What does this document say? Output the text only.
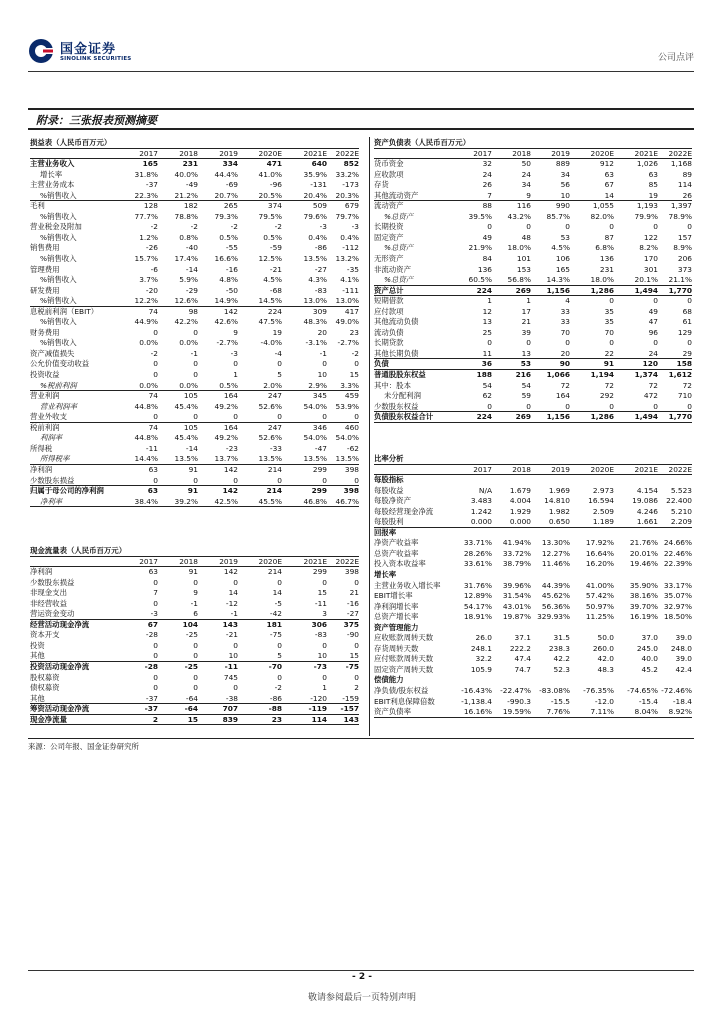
国金证券
SINOLINK SECURITIES	公司点评
附录：三张报表预测摘要
损益表（人民币百万元）
2017	2018	2019	2020E	2021E	2022E
主营业务收入	165	231	334	471	640	852
增长率	31.8%	40.0%	44.4%	41.0%	35.9%	33.2%
主营业务成本	-37	-49	-69	-96	-131	-173
%销售收入	22.3%	21.2%	20.7%	20.5%	20.4%	20.3%
毛利	128	182	265	374	509	679
%销售收入	77.7%	78.8%	79.3%	79.5%	79.6%	79.7%
营业税金及附加	-2	-2	-2	-2	-3	-3
%销售收入	1.2%	0.8%	0.5%	0.5%	0.4%	0.4%
销售费用	-26	-40	-55	-59	-86	-112
%销售收入	15.7%	17.4%	16.6%	12.5%	13.5%	13.2%
管理费用	-6	-14	-16	-21	-27	-35
%销售收入	3.7%	5.9%	4.8%	4.5%	4.3%	4.1%
研发费用	-20	-29	-50	-68	-83	-111
%销售收入	12.2%	12.6%	14.9%	14.5%	13.0%	13.0%
息税前利润（EBIT）	74	98	142	224	309	417
%销售收入	44.9%	42.2%	42.6%	47.5%	48.3%	49.0%
财务费用	0	0	9	19	20	23
%销售收入	0.0%	0.0%	-2.7%	-4.0%	-3.1%	-2.7%
资产减值损失	-2	-1	-3	-4	-1	-2
公允价值变动收益	0	0	0	0	0	0
投资收益	0	0	1	5	10	15
%税前利润	0.0%	0.0%	0.5%	2.0%	2.9%	3.3%
营业利润	74	105	164	247	345	459
营业利润率	44.8%	45.4%	49.2%	52.6%	54.0%	53.9%
营业外收支	0	0	0	0	0	0
税前利润	74	105	164	247	346	460
利润率	44.8%	45.4%	49.2%	52.6%	54.0%	54.0%
所得税	-11	-14	-23	-33	-47	-62
所得税率	14.4%	13.5%	13.7%	13.5%	13.5%	13.5%
净利润	63	91	142	214	299	398
少数股东损益	0	0	0	0	0	0
归属于母公司的净利润	63	91	142	214	299	398
净利率	38.4%	39.2%	42.5%	45.5%	46.8%	46.7%
现金流量表（人民币百万元）
2017	2018	2019	2020E	2021E	2022E
净利润	63	91	142	214	299	398
少数股东损益	0	0	0	0	0	0
非现金支出	7	9	14	14	15	21
非经营收益	0	-1	-12	-5	-11	-16
营运资金变动	-3	6	-1	-42	3	-27
经营活动现金净流	67	104	143	181	306	375
资本开支	-28	-25	-21	-75	-83	-90
投资	0	0	0	0	0	0
其他	0	0	10	5	10	15
投资活动现金净流	-28	-25	-11	-70	-73	-75
股权募资	0	0	745	0	0	0
债权募资	0	0	0	-2	1	2
其他	-37	-64	-38	-86	-120	-159
筹资活动现金净流	-37	-64	707	-88	-119	-157
现金净流量	2	15	839	23	114	143
资产负债表（人民币百万元）
2017	2018	2019	2020E	2021E	2022E
货币资金	32	50	889	912	1,026	1,168
应收款项	24	24	34	63	63	89
存货	26	34	56	67	85	114
其他流动资产	7	9	10	14	19	26
流动资产	88	116	990	1,055	1,193	1,397
%总资产	39.5%	43.2%	85.7%	82.0%	79.9%	78.9%
长期投资	0	0	0	0	0	0
固定资产	49	48	53	87	122	157
%总资产	21.9%	18.0%	4.5%	6.8%	8.2%	8.9%
无形资产	84	101	106	136	170	206
非流动资产	136	153	165	231	301	373
%总资产	60.5%	56.8%	14.3%	18.0%	20.1%	21.1%
资产总计	224	269	1,156	1,286	1,494	1,770
短期借款	1	1	4	0	0	0
应付款项	12	17	33	35	49	68
其他流动负债	13	21	33	35	47	61
流动负债	25	39	70	70	96	129
长期贷款	0	0	0	0	0	0
其他长期负债	11	13	20	22	24	29
负债	36	53	90	91	120	158
普通股股东权益	188	216	1,066	1,194	1,374	1,612
其中：股本	54	54	72	72	72	72
未分配利润	62	59	164	292	472	710
少数股东权益	0	0	0	0	0	0
负债股东权益合计	224	269	1,156	1,286	1,494	1,770
比率分析
2017	2018	2019	2020E	2021E	2022E
每股指标
每股收益	N/A	1.679	1.969	2.973	4.154	5.523
每股净资产	3.483	4.004	14.810	16.594	19.086	22.400
每股经营现金净流	1.242	1.929	1.982	2.509	4.246	5.210
每股股利	0.000	0.000	0.650	1.189	1.661	2.209
回报率
净资产收益率	33.71%	41.94%	13.30%	17.92%	21.76% 24.66%
总资产收益率	28.26%	33.72%	12.27%	16.64%	20.01% 22.46%
投入资本收益率	33.61%	38.79%	11.46%	16.20%	19.46% 22.39%
增长率
主营业务收入增长率	31.76%	39.96%	44.39%	41.00%	35.90% 33.17%
EBIT增长率	12.89%	31.54%	45.62%	57.42%	38.16% 35.07%
净利润增长率	54.17%	43.01%	56.36%	50.97%	39.70% 32.97%
总资产增长率	18.91%	19.87% 329.93%	11.25%	16.19% 18.50%
资产管理能力
应收账款周转天数	26.0	37.1	31.5	50.0	37.0	39.0
存货周转天数	248.1	222.2	238.3	260.0	245.0	248.0
应付账款周转天数	32.2	47.4	42.2	42.0	40.0	39.0
固定资产周转天数	105.9	74.7	52.3	48.3	45.2	42.4
偿债能力
净负债/股东权益	-16.43%	-22.47%	-83.08%	-76.35%	-74.65% -72.46%
EBIT利息保障倍数	-1,138.4	-990.3	-15.5	-12.0	-15.4	-18.4
资产负债率	16.16%	19.59%	7.76%	7.11%	8.04%	8.92%
来源：公司年报、国金证券研究所
- 2 -
敬请参阅最后一页特别声明
